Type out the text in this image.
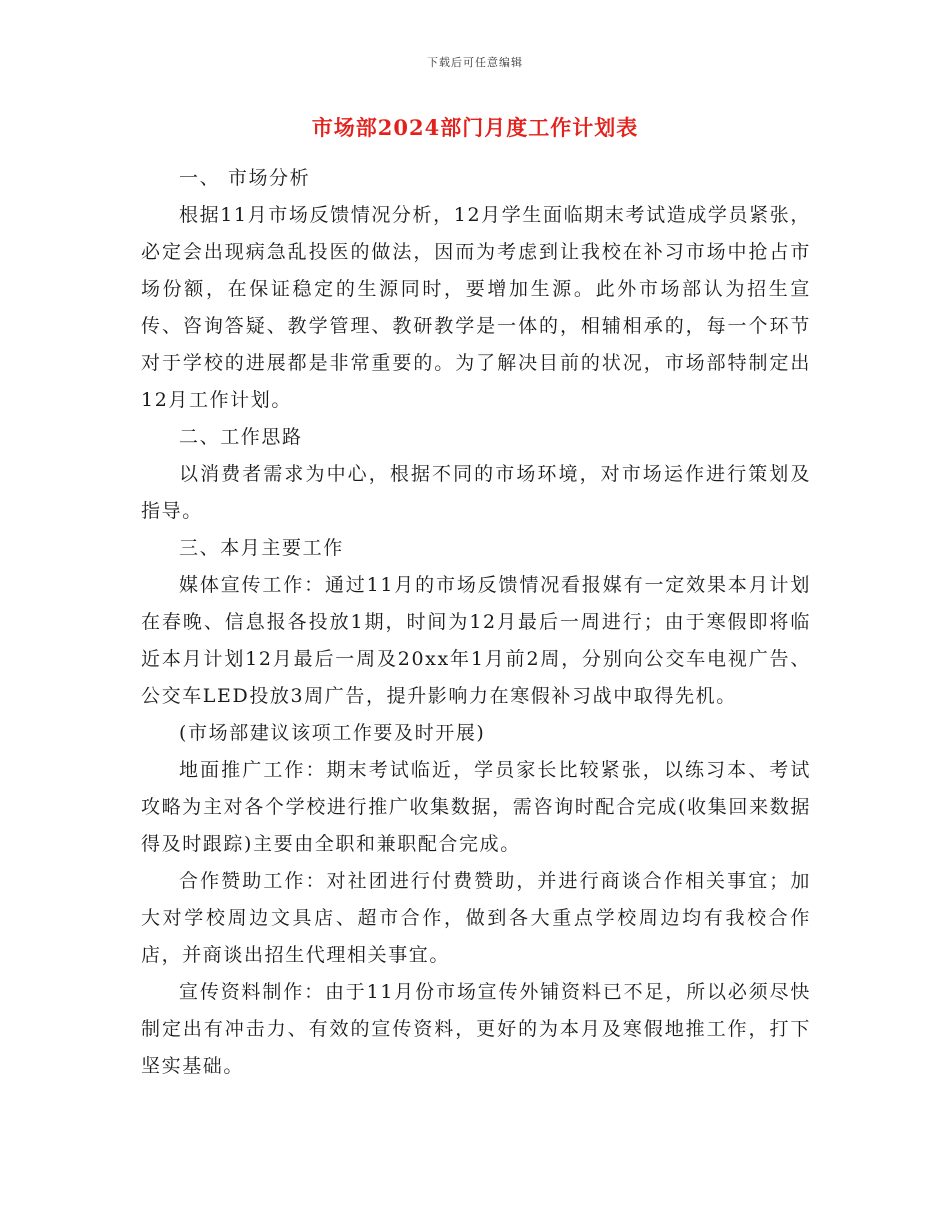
下载后可任意编辑
市场部2024部门月度工作计划表

一、 市场分析

根据11月市场反馈情况分析，12月学生面临期末考试造成学员紧张，必定会出现病急乱投医的做法，因而为考虑到让我校在补习市场中抢占市场份额，在保证稳定的生源同时，要增加生源。此外市场部认为招生宣传、咨询答疑、教学管理、教研教学是一体的，相辅相承的，每一个环节对于学校的进展都是非常重要的。为了解决目前的状况，市场部特制定出12月工作计划。

二、工作思路

以消费者需求为中心，根据不同的市场环境，对市场运作进行策划及指导。

三、本月主要工作

媒体宣传工作：通过11月的市场反馈情况看报媒有一定效果本月计划在春晚、信息报各投放1期，时间为12月最后一周进行；由于寒假即将临近本月计划12月最后一周及20xx年1月前2周，分别向公交车电视广告、公交车LED投放3周广告，提升影响力在寒假补习战中取得先机。

(市场部建议该项工作要及时开展)

地面推广工作：期末考试临近，学员家长比较紧张，以练习本、考试攻略为主对各个学校进行推广收集数据，需咨询时配合完成(收集回来数据得及时跟踪)主要由全职和兼职配合完成。

合作赞助工作：对社团进行付费赞助，并进行商谈合作相关事宜；加大对学校周边文具店、超市合作，做到各大重点学校周边均有我校合作店，并商谈出招生代理相关事宜。

宣传资料制作：由于11月份市场宣传外铺资料已不足，所以必须尽快制定出有冲击力、有效的宣传资料，更好的为本月及寒假地推工作，打下坚实基础。
